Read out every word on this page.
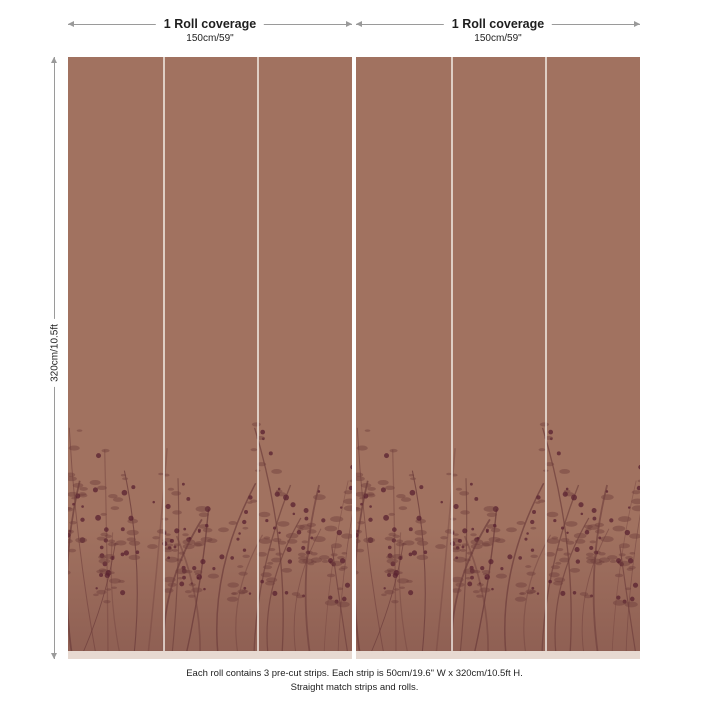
1 Roll coverage
150cm/59"
1 Roll coverage
150cm/59"
320cm/10.5ft
Each roll contains 3 pre-cut strips. Each strip is 50cm/19.6" W x 320cm/10.5ft H.
Straight match strips and rolls.
